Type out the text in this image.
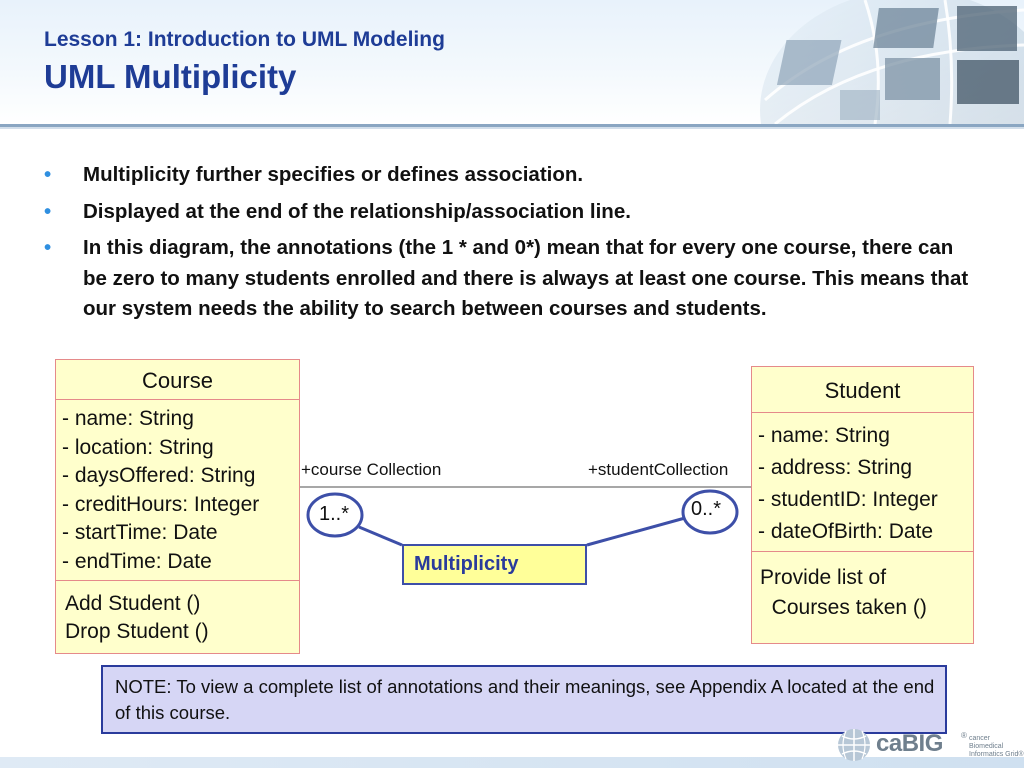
Lesson 1: Introduction to UML Modeling
UML Multiplicity
• Multiplicity further specifies or defines association.
• Displayed at the end of the relationship/association line.
• In this diagram, the annotations (the 1 * and 0*) mean that for every one course, there can be zero to many students enrolled and there is always at least one course. This means that our system needs the ability to search between courses and students.
Course
- name: String
- location: String
- daysOffered: String
- creditHours: Integer
- startTime: Date
- endTime: Date
Add Student ()
Drop Student ()
Student
- name: String
- address: String
- studentID: Integer
- dateOfBirth: Date
Provide list of
Courses taken ()
+course Collection	+studentCollection
1..*	0..*
Multiplicity
NOTE: To view a complete list of annotations and their meanings, see Appendix A located at the end of this course.
caBIG ® cancer Biomedical Informatics Grid®
